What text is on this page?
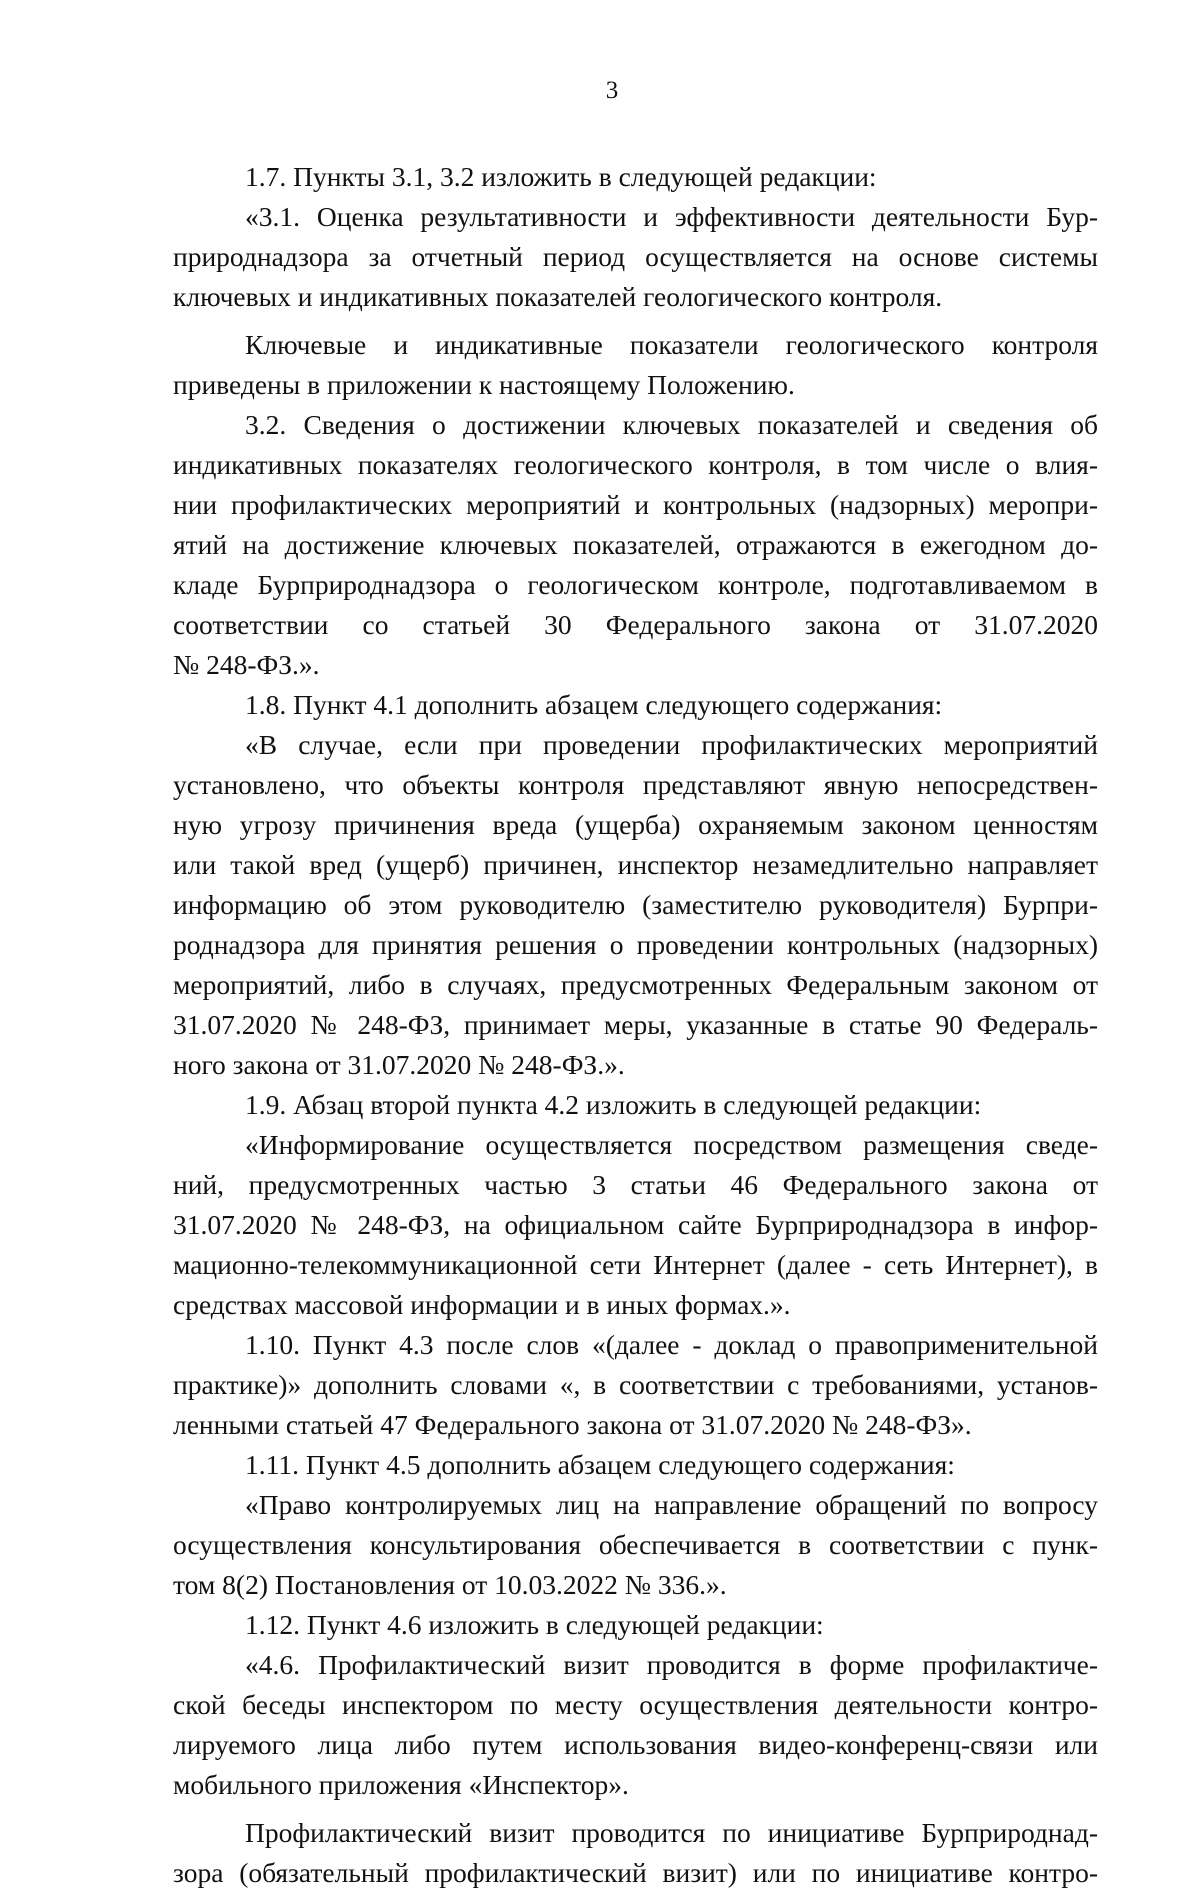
3
1.7. Пункты 3.1, 3.2 изложить в следующей редакции:
«3.1. Оценка результативности и эффективности деятельности Бур-
природнадзора за отчетный период осуществляется на основе системы
ключевых и индикативных показателей геологического контроля.
Ключевые и индикативные показатели геологического контроля
приведены в приложении к настоящему Положению.
3.2. Сведения о достижении ключевых показателей и сведения об
индикативных показателях геологического контроля, в том числе о влия-
нии профилактических мероприятий и контрольных (надзорных) меропри-
ятий на достижение ключевых показателей, отражаются в ежегодном до-
кладе Бурприроднадзора о геологическом контроле, подготавливаемом в
соответствии со статьей 30 Федерального закона от 31.07.2020
№ 248-ФЗ.».
1.8. Пункт 4.1 дополнить абзацем следующего содержания:
«В случае, если при проведении профилактических мероприятий
установлено, что объекты контроля представляют явную непосредствен-
ную угрозу причинения вреда (ущерба) охраняемым законом ценностям
или такой вред (ущерб) причинен, инспектор незамедлительно направляет
информацию об этом руководителю (заместителю руководителя) Бурпри-
роднадзора для принятия решения о проведении контрольных (надзорных)
мероприятий, либо в случаях, предусмотренных Федеральным законом от
31.07.2020 № 248-ФЗ, принимает меры, указанные в статье 90 Федераль-
ного закона от 31.07.2020 № 248-ФЗ.».
1.9. Абзац второй пункта 4.2 изложить в следующей редакции:
«Информирование осуществляется посредством размещения сведе-
ний, предусмотренных частью 3 статьи 46 Федерального закона от
31.07.2020 № 248-ФЗ, на официальном сайте Бурприроднадзора в инфор-
мационно-телекоммуникационной сети Интернет (далее - сеть Интернет), в
средствах массовой информации и в иных формах.».
1.10. Пункт 4.3 после слов «(далее - доклад о правоприменительной
практике)» дополнить словами «, в соответствии с требованиями, установ-
ленными статьей 47 Федерального закона от 31.07.2020 № 248-ФЗ».
1.11. Пункт 4.5 дополнить абзацем следующего содержания:
«Право контролируемых лиц на направление обращений по вопросу
осуществления консультирования обеспечивается в соответствии с пунк-
том 8(2) Постановления от 10.03.2022 № 336.».
1.12. Пункт 4.6 изложить в следующей редакции:
«4.6. Профилактический визит проводится в форме профилактиче-
ской беседы инспектором по месту осуществления деятельности контро-
лируемого лица либо путем использования видео-конференц-связи или
мобильного приложения «Инспектор».
Профилактический визит проводится по инициативе Бурприроднад-
зора (обязательный профилактический визит) или по инициативе контро-
